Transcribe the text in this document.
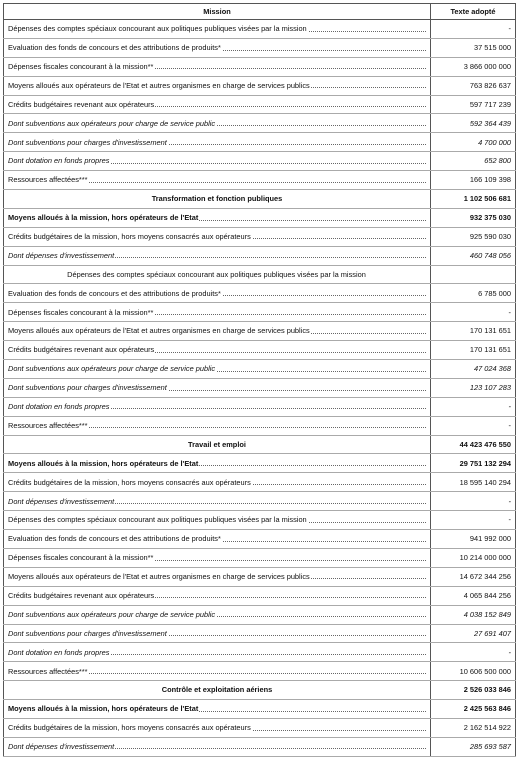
Mission	Texte adopté

Dépenses des comptes spéciaux concourant aux politiques publiques visées par la mission	-

Evaluation des fonds de concours et des attributions de produits*	37 515 000

Dépenses fiscales concourant à la mission**	3 866 000 000

Moyens alloués aux opérateurs de l'Etat et autres organismes en charge de services publics	763 826 637

Crédits budgétaires revenant aux opérateurs	597 717 239

Dont subventions aux opérateurs pour charge de service public	592 364 439

Dont subventions pour charges d'investissement	4 700 000

Dont dotation en fonds propres	652 800

Ressources affectées***	166 109 398
Transformation et fonction publiques	1 102 506 681

Moyens alloués à la mission, hors opérateurs de l'Etat	932 375 030

Crédits budgétaires de la mission, hors moyens consacrés aux opérateurs	925 590 030

Dont dépenses d'investissement	460 748 056

Dépenses des comptes spéciaux concourant aux politiques publiques visées par la mission	

Evaluation des fonds de concours et des attributions de produits*	6 785 000

Dépenses fiscales concourant à la mission**	-

Moyens alloués aux opérateurs de l'Etat et autres organismes en charge de services publics	170 131 651

Crédits budgétaires revenant aux opérateurs	170 131 651

Dont subventions aux opérateurs pour charge de service public	47 024 368

Dont subventions pour charges d'investissement	123 107 283

Dont dotation en fonds propres	-

Ressources affectées***	-
Travail et emploi	44 423 476 550

Moyens alloués à la mission, hors opérateurs de l'Etat	29 751 132 294

Crédits budgétaires de la mission, hors moyens consacrés aux opérateurs	18 595 140 294

Dont dépenses d'investissement	-

Dépenses des comptes spéciaux concourant aux politiques publiques visées par la mission	-

Evaluation des fonds de concours et des attributions de produits*	941 992 000

Dépenses fiscales concourant à la mission**	10 214 000 000

Moyens alloués aux opérateurs de l'Etat et autres organismes en charge de services publics	14 672 344 256

Crédits budgétaires revenant aux opérateurs	4 065 844 256

Dont subventions aux opérateurs pour charge de service public	4 038 152 849

Dont subventions pour charges d'investissement	27 691 407

Dont dotation en fonds propres	-

Ressources affectées***	10 606 500 000
Contrôle et exploitation aériens	2 526 033 846

Moyens alloués à la mission, hors opérateurs de l'Etat	2 425 563 846

Crédits budgétaires de la mission, hors moyens consacrés aux opérateurs	2 162 514 922

Dont dépenses d'investissement	285 693 587
